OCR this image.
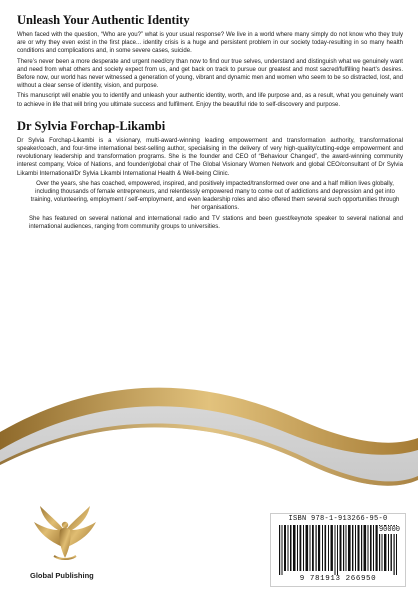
Unleash Your Authentic Identity

When faced with the question, “Who are you?” what is your usual response? We live in a world where many simply do not know who they truly are or why they even exist in the first place... identity crisis is a huge and persistent problem in our society today-resulting in so many health conditions and complications and, in some severe cases, suicide.

There’s never been a more desperate and urgent need/cry than now to find our true selves, understand and distinguish what we genuinely want and need from what others and society expect from us, and get back on track to pursue our greatest and most sacred/fulfilling heart’s desires. Before now, our world has never witnessed a generation of young, vibrant and dynamic men and women who seem to be so distracted, lost, and without a clear sense of identity, vision, and purpose.

This manuscript will enable you to identify and unleash your authentic identity, worth, and life purpose and, as a result, what you genuinely want to achieve in life that will bring you ultimate success and fulfilment. Enjoy the beautiful ride to self-discovery and purpose.

Dr Sylvia Forchap-Likambi

Dr Sylvia Forchap-Likambi is a visionary, multi-award-winning leading empowerment and transformation authority, transformational speaker/coach, and four-time international best-selling author, specialising in the delivery of very high-quality/cutting-edge empowerment and revolutionary leadership and transformation programs. She is the founder and CEO of “Behaviour Changed”, the award-winning community interest company, Voice of Nations, and founder/global chair of The Global Visionary Women Network and global CEO/consultant of Dr Sylvia Likambi International/Dr Sylvia Likambi International Health & Well-being Clinic.

Over the years, she has coached, empowered, inspired, and positively impacted/transformed over one and a half million lives globally, including thousands of female entrepreneurs, and relentlessly empowered many to come out of addictions and depression and get into training, volunteering, employment / self-employment, and even leadership roles and also offered them several such opportunities through her organisations.

She has featured on several national and international radio and TV stations and been guest/keynote speaker to several national and international audiences, ranging from community groups to universities.

Global Publishing
ISBN 978-1-913266-95-0
9 781913 266950
90000
